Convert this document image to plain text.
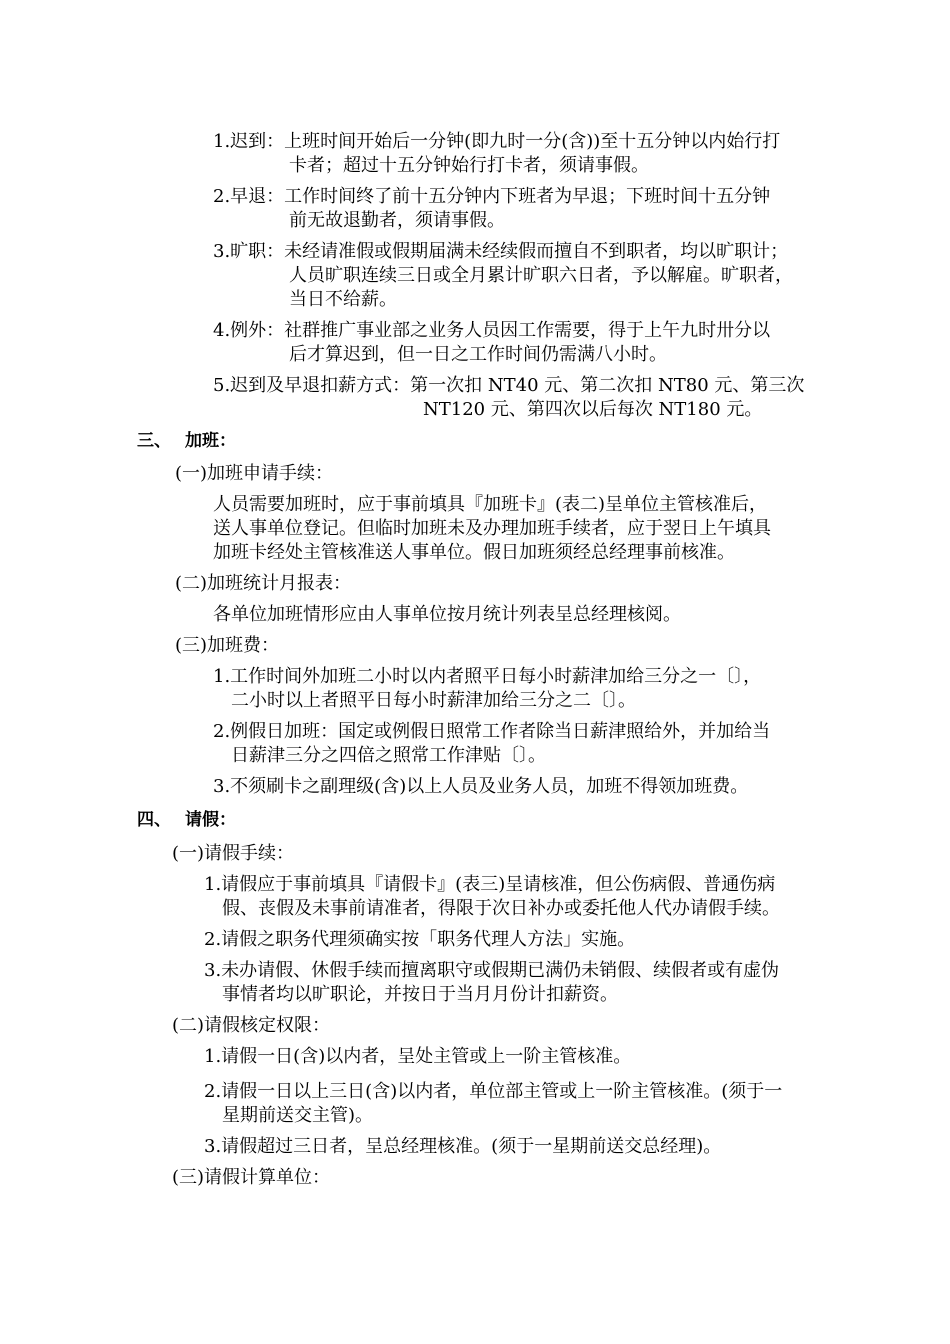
1.迟到：上班时间开始后一分钟(即九时一分(含))至十五分钟以内始行打
卡者；超过十五分钟始行打卡者，须请事假。
2.早退：工作时间终了前十五分钟内下班者为早退；下班时间十五分钟
前无故退勤者，须请事假。
3.旷职：未经请准假或假期届满未经续假而擅自不到职者，均以旷职计；
人员旷职连续三日或全月累计旷职六日者，予以解雇。旷职者，
当日不给薪。
4.例外：社群推广事业部之业务人员因工作需要，得于上午九时卅分以
后才算迟到，但一日之工作时间仍需满八小时。
5.迟到及早退扣薪方式：第一次扣 NT40 元、第二次扣 NT80 元、第三次
NT120 元、第四次以后每次 NT180 元。
三、 加班：
(一)加班申请手续：
人员需要加班时，应于事前填具『加班卡』(表二)呈单位主管核准后，
送人事单位登记。但临时加班未及办理加班手续者，应于翌日上午填具
加班卡经处主管核准送人事单位。假日加班须经总经理事前核准。
(二)加班统计月报表：
各单位加班情形应由人事单位按月统计列表呈总经理核阅。
(三)加班费：
1.工作时间外加班二小时以内者照平日每小时薪津加给三分之一〔〕，
二小时以上者照平日每小时薪津加给三分之二〔〕。
2.例假日加班：国定或例假日照常工作者除当日薪津照给外，并加给当
日薪津三分之四倍之照常工作津贴〔〕。
3.不须刷卡之副理级(含)以上人员及业务人员，加班不得领加班费。
四、 请假：
(一)请假手续：
1.请假应于事前填具『请假卡』(表三)呈请核准，但公伤病假、普通伤病
假、丧假及未事前请准者，得限于次日补办或委托他人代办请假手续。
2.请假之职务代理须确实按「职务代理人方法」实施。
3.未办请假、休假手续而擅离职守或假期已满仍未销假、续假者或有虚伪
事情者均以旷职论，并按日于当月月份计扣薪资。
(二)请假核定权限：
1.请假一日(含)以内者，呈处主管或上一阶主管核准。
2.请假一日以上三日(含)以内者，单位部主管或上一阶主管核准。(须于一
星期前送交主管)。
3.请假超过三日者，呈总经理核准。(须于一星期前送交总经理)。
(三)请假计算单位：
